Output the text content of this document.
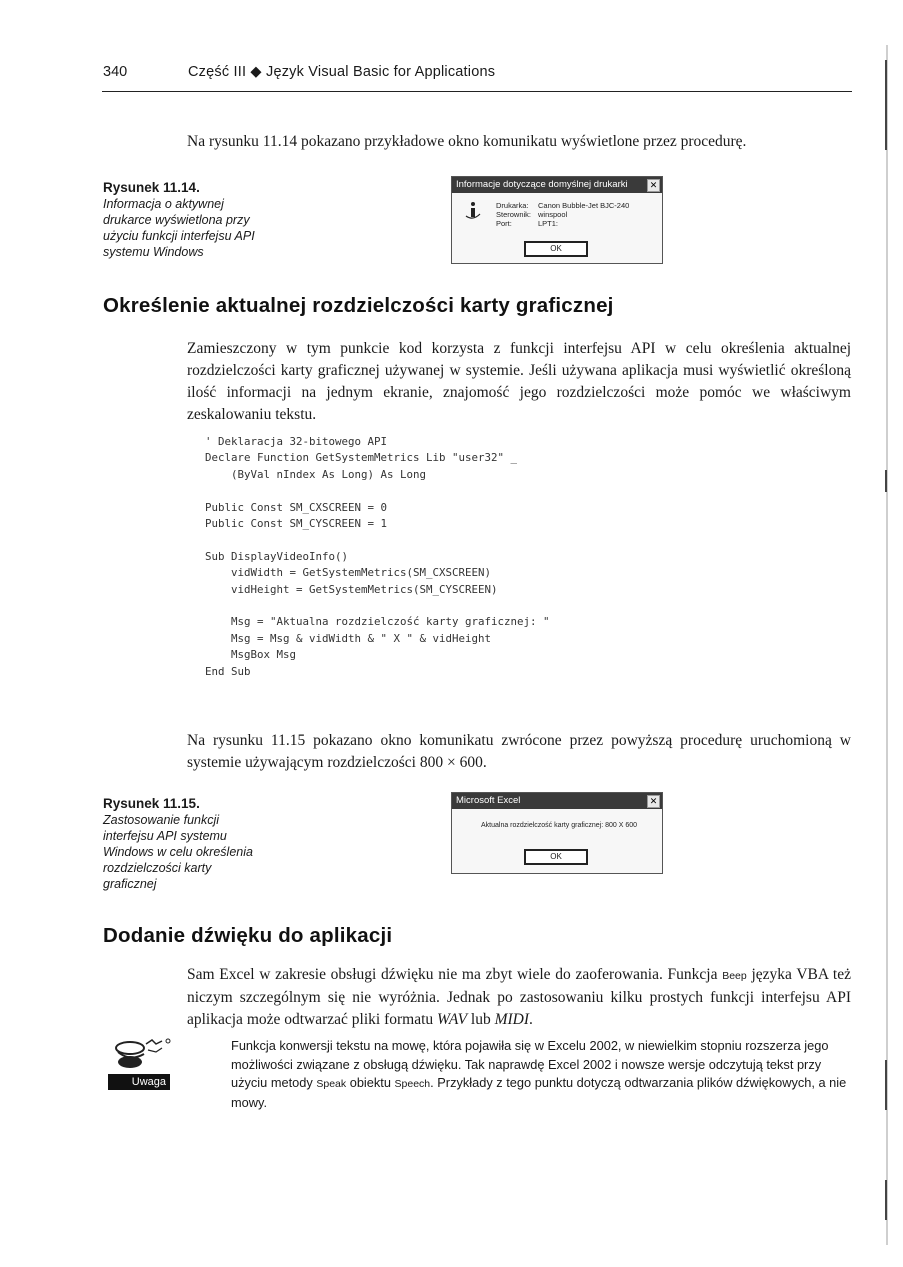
340	Część III ◆ Język Visual Basic for Applications
Na rysunku 11.14 pokazano przykładowe okno komunikatu wyświetlone przez procedurę.
Rysunek 11.14.
Informacja o aktywnej drukarce wyświetlona przy użyciu funkcji interfejsu API systemu Windows
Informacje dotyczące domyślnej drukarki	✕
Drukarka: Canon Bubble-Jet BJC-240
Sterownik: winspool
Port:	LPT1:
OK
Określenie aktualnej rozdzielczości karty graficznej
Zamieszczony w tym punkcie kod korzysta z funkcji interfejsu API w celu określenia aktualnej rozdzielczości karty graficznej używanej w systemie. Jeśli używana aplikacja musi wyświetlić określoną ilość informacji na jednym ekranie, znajomość jego rozdzielczości może pomóc we właściwym zeskalowaniu tekstu.
' Deklaracja 32-bitowego API
Declare Function GetSystemMetrics Lib "user32" _
(ByVal nIndex As Long) As Long

Public Const SM_CXSCREEN = 0
Public Const SM_CYSCREEN = 1

Sub DisplayVideoInfo()
vidWidth = GetSystemMetrics(SM_CXSCREEN)
vidHeight = GetSystemMetrics(SM_CYSCREEN)

Msg = "Aktualna rozdzielczość karty graficznej: "
Msg = Msg & vidWidth & " X " & vidHeight
MsgBox Msg
End Sub
Na rysunku 11.15 pokazano okno komunikatu zwrócone przez powyższą procedurę uruchomioną w systemie używającym rozdzielczości 800 × 600.
Rysunek 11.15.
Zastosowanie funkcji interfejsu API systemu Windows w celu określenia rozdzielczości karty graficznej
Microsoft Excel	✕
Aktualna rozdzielczość karty graficznej: 800 X 600
OK
Dodanie dźwięku do aplikacji
Sam Excel w zakresie obsługi dźwięku nie ma zbyt wiele do zaoferowania. Funkcja Beep języka VBA też niczym szczególnym się nie wyróżnia. Jednak po zastosowaniu kilku prostych funkcji interfejsu API aplikacja może odtwarzać pliki formatu WAV lub MIDI.
Uwaga
Funkcja konwersji tekstu na mowę, która pojawiła się w Excelu 2002, w niewielkim stopniu rozszerza jego możliwości związane z obsługą dźwięku. Tak naprawdę Excel 2002 i nowsze wersje odczytują tekst przy użyciu metody Speak obiektu Speech. Przykłady z tego punktu dotyczą odtwarzania plików dźwiękowych, a nie mowy.
